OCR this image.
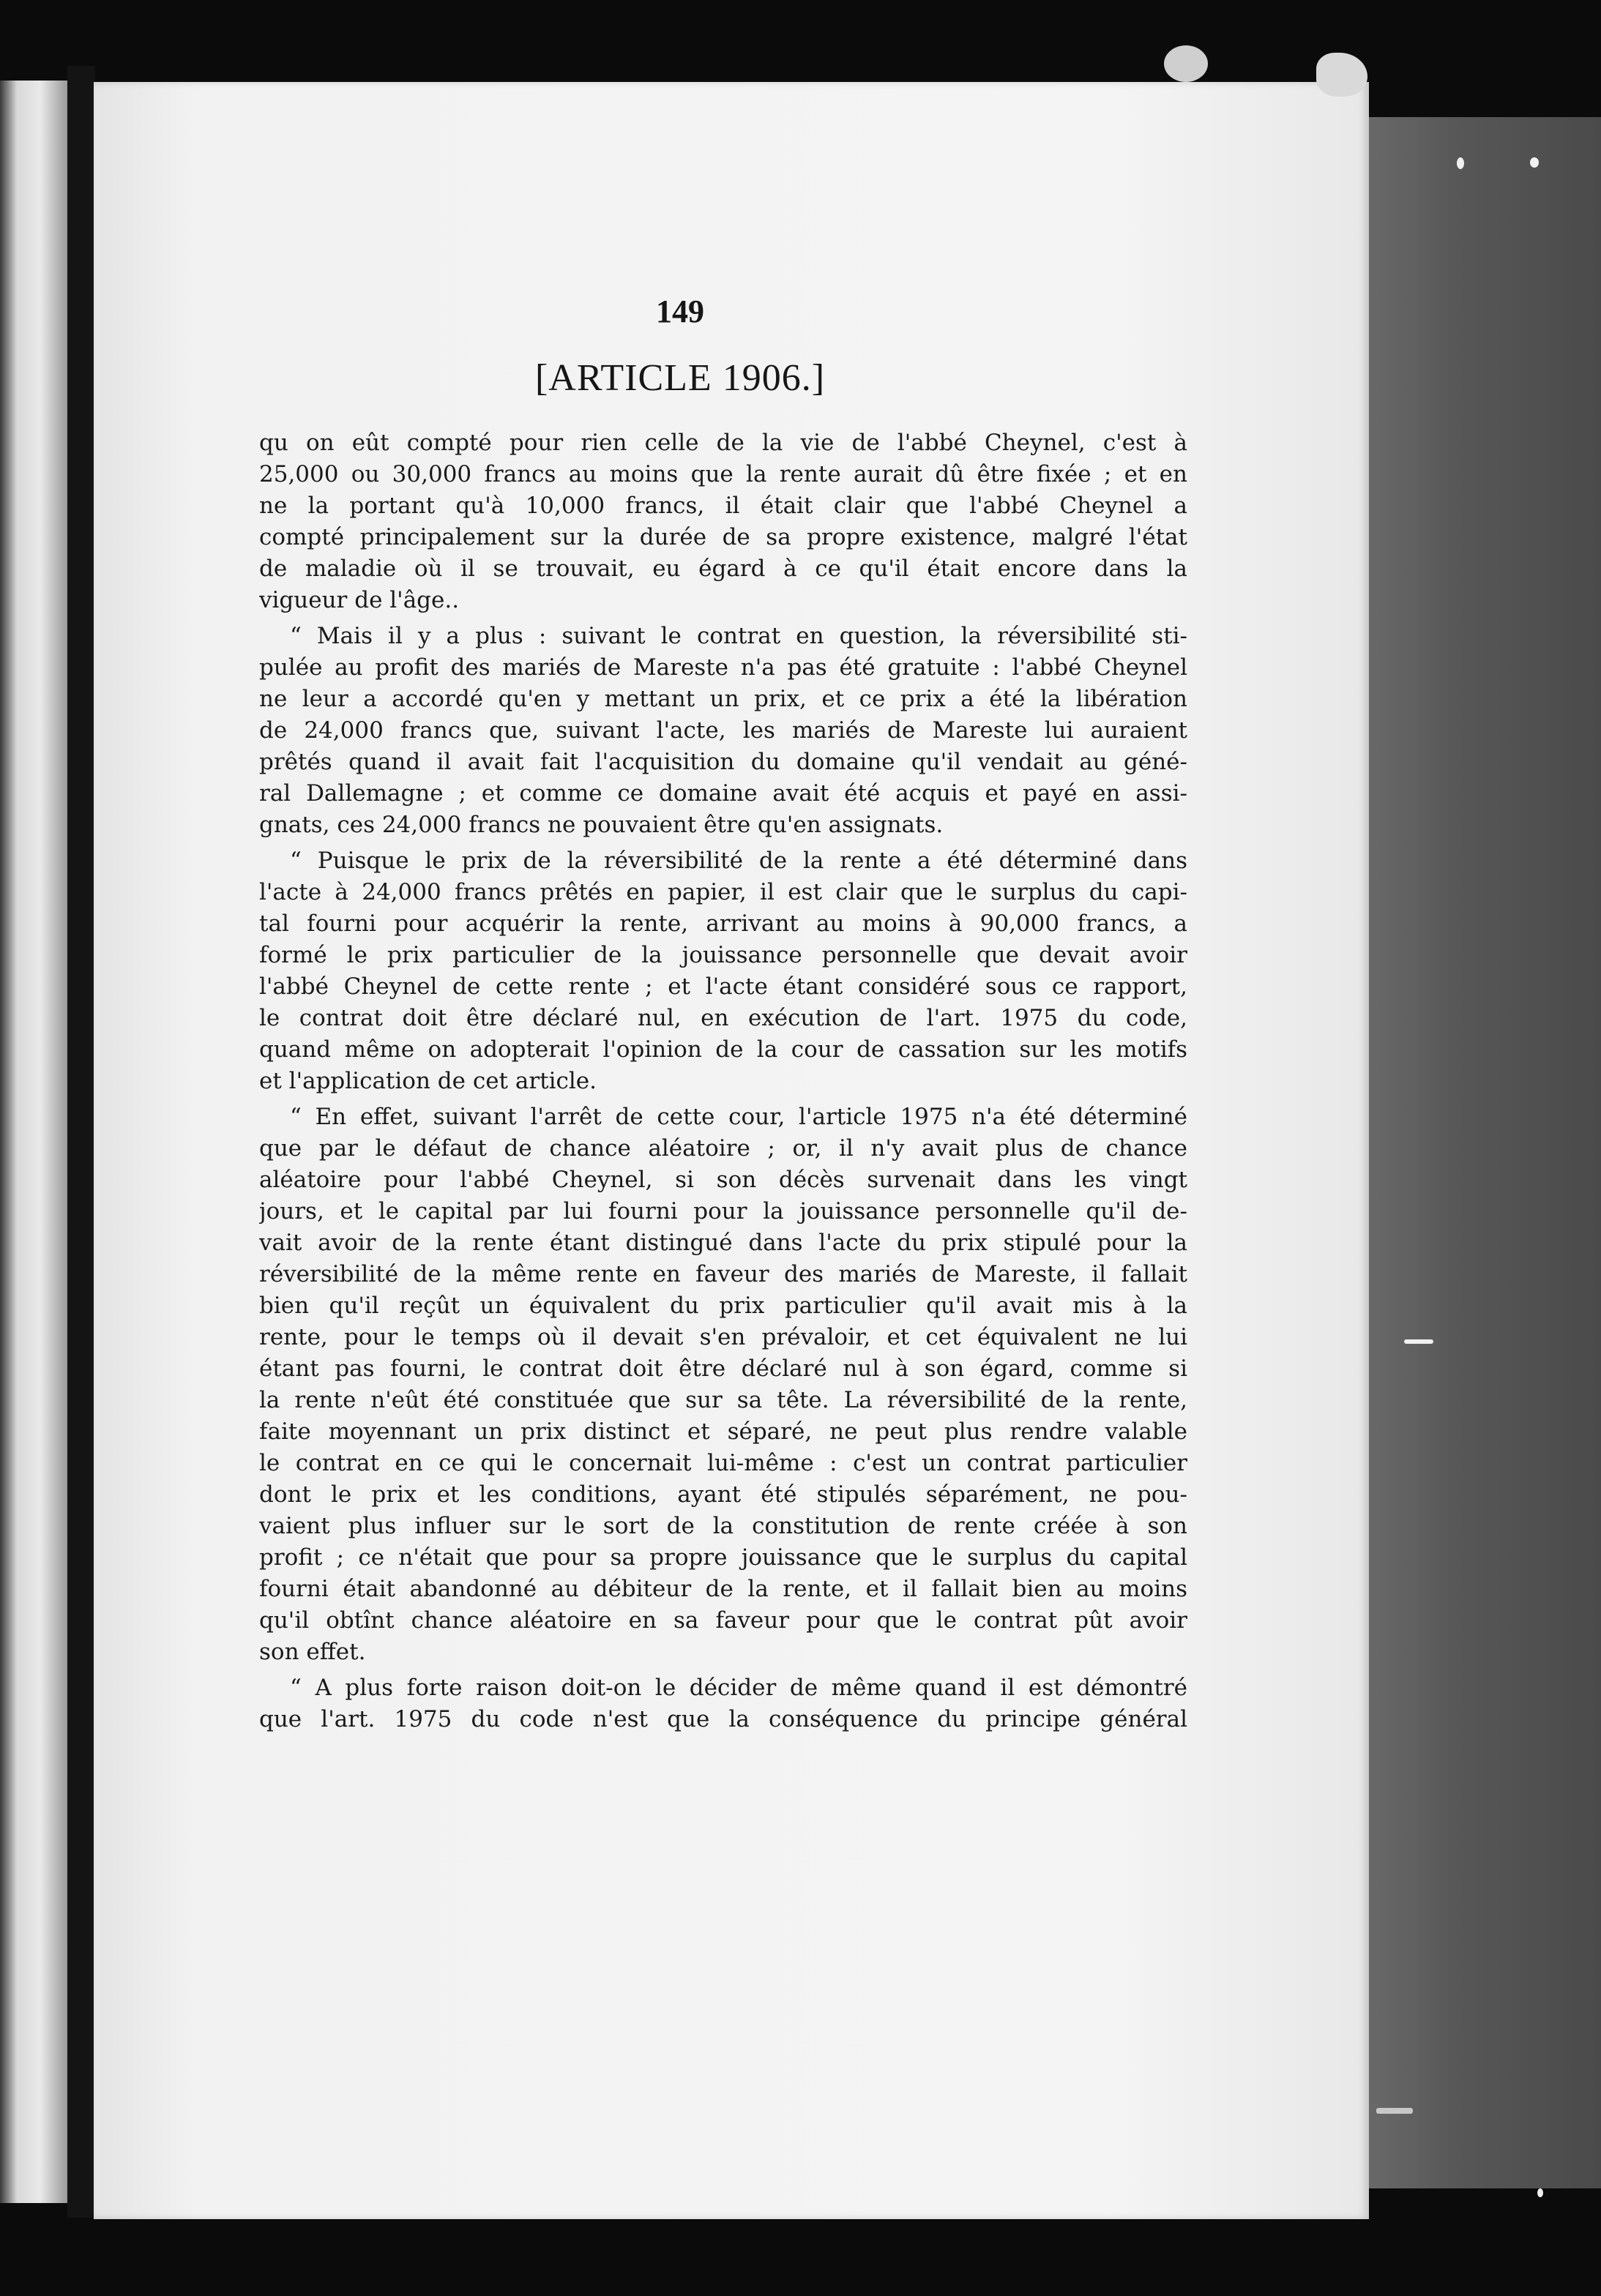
149
[ARTICLE 1906.]
qu on eût compté pour rien celle de la vie de l'abbé Cheynel, c'est à
25,000 ou 30,000 francs au moins que la rente aurait dû être fixée ; et en
ne la portant qu'à 10,000 francs, il était clair que l'abbé Cheynel a
compté principalement sur la durée de sa propre existence, malgré l'état
de maladie où il se trouvait, eu égard à ce qu'il était encore dans la
vigueur de l'âge..
“ Mais il y a plus : suivant le contrat en question, la réversibilité sti-
pulée au profit des mariés de Mareste n'a pas été gratuite : l'abbé Cheynel
ne leur a accordé qu'en y mettant un prix, et ce prix a été la libération
de 24,000 francs que, suivant l'acte, les mariés de Mareste lui auraient
prêtés quand il avait fait l'acquisition du domaine qu'il vendait au géné-
ral Dallemagne ; et comme ce domaine avait été acquis et payé en assi-
gnats, ces 24,000 francs ne pouvaient être qu'en assignats.
“ Puisque le prix de la réversibilité de la rente a été déterminé dans
l'acte à 24,000 francs prêtés en papier, il est clair que le surplus du capi-
tal fourni pour acquérir la rente, arrivant au moins à 90,000 francs, a
formé le prix particulier de la jouissance personnelle que devait avoir
l'abbé Cheynel de cette rente ; et l'acte étant considéré sous ce rapport,
le contrat doit être déclaré nul, en exécution de l'art. 1975 du code,
quand même on adopterait l'opinion de la cour de cassation sur les motifs
et l'application de cet article.
“ En effet, suivant l'arrêt de cette cour, l'article 1975 n'a été déterminé
que par le défaut de chance aléatoire ; or, il n'y avait plus de chance
aléatoire pour l'abbé Cheynel, si son décès survenait dans les vingt
jours, et le capital par lui fourni pour la jouissance personnelle qu'il de-
vait avoir de la rente étant distingué dans l'acte du prix stipulé pour la
réversibilité de la même rente en faveur des mariés de Mareste, il fallait
bien qu'il reçût un équivalent du prix particulier qu'il avait mis à la
rente, pour le temps où il devait s'en prévaloir, et cet équivalent ne lui
étant pas fourni, le contrat doit être déclaré nul à son égard, comme si
la rente n'eût été constituée que sur sa tête. La réversibilité de la rente,
faite moyennant un prix distinct et séparé, ne peut plus rendre valable
le contrat en ce qui le concernait lui-même : c'est un contrat particulier
dont le prix et les conditions, ayant été stipulés séparément, ne pou-
vaient plus influer sur le sort de la constitution de rente créée à son
profit ; ce n'était que pour sa propre jouissance que le surplus du capital
fourni était abandonné au débiteur de la rente, et il fallait bien au moins
qu'il obtînt chance aléatoire en sa faveur pour que le contrat pût avoir
son effet.
“ A plus forte raison doit-on le décider de même quand il est démontré
que l'art. 1975 du code n'est que la conséquence du principe général
